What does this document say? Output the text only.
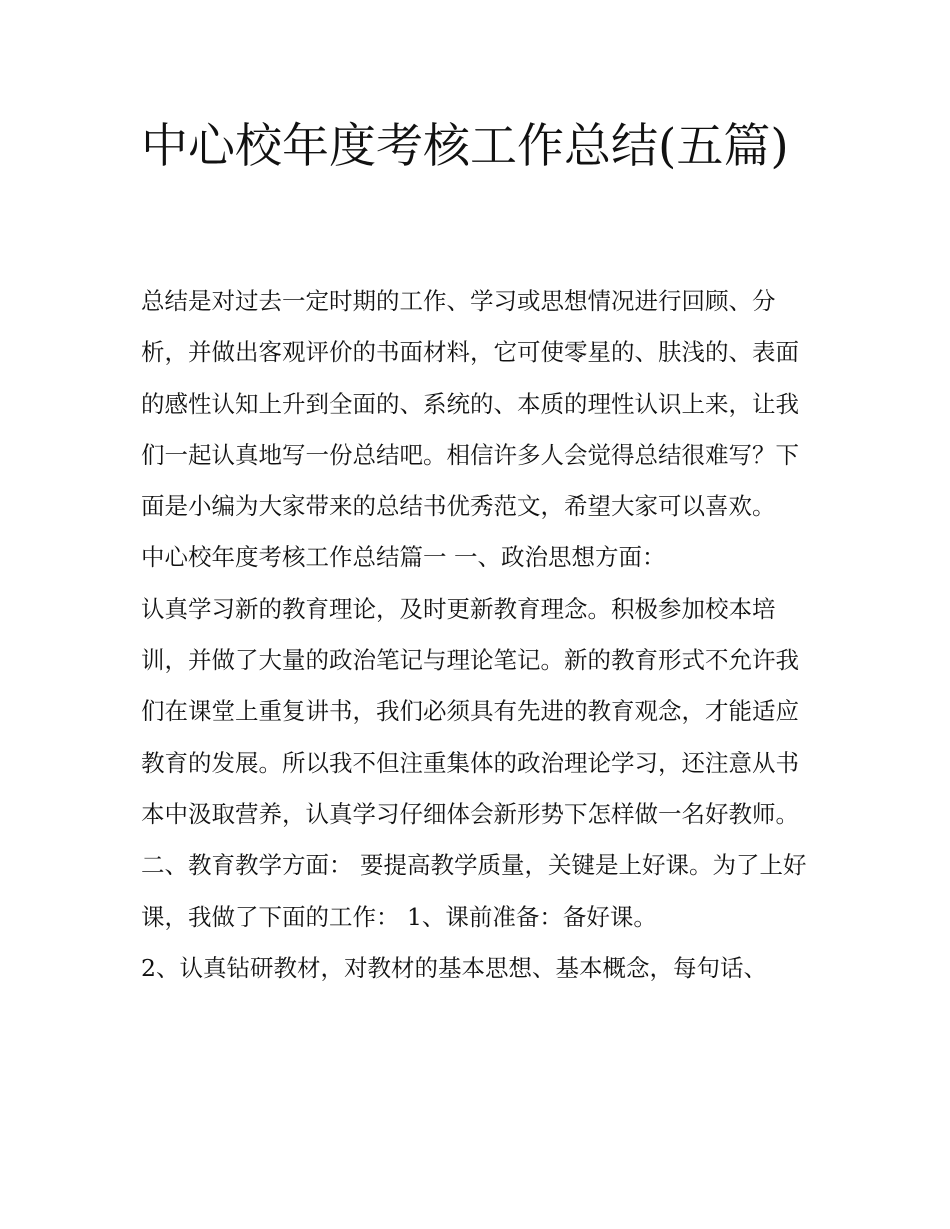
中心校年度考核工作总结(五篇)

总结是对过去一定时期的工作、学习或思想情况进行回顾、分析，并做出客观评价的书面材料，它可使零星的、肤浅的、表面的感性认知上升到全面的、系统的、本质的理性认识上来，让我们一起认真地写一份总结吧。相信许多人会觉得总结很难写？下面是小编为大家带来的总结书优秀范文，希望大家可以喜欢。

中心校年度考核工作总结篇一 一、政治思想方面：

认真学习新的教育理论，及时更新教育理念。积极参加校本培训，并做了大量的政治笔记与理论笔记。新的教育形式不允许我们在课堂上重复讲书，我们必须具有先进的教育观念，才能适应教育的发展。所以我不但注重集体的政治理论学习，还注意从书本中汲取营养，认真学习仔细体会新形势下怎样做一名好教师。

二、教育教学方面： 要提高教学质量，关键是上好课。为了上好课，我做了下面的工作： 1、课前准备：备好课。

2、认真钻研教材，对教材的基本思想、基本概念，每句话、
